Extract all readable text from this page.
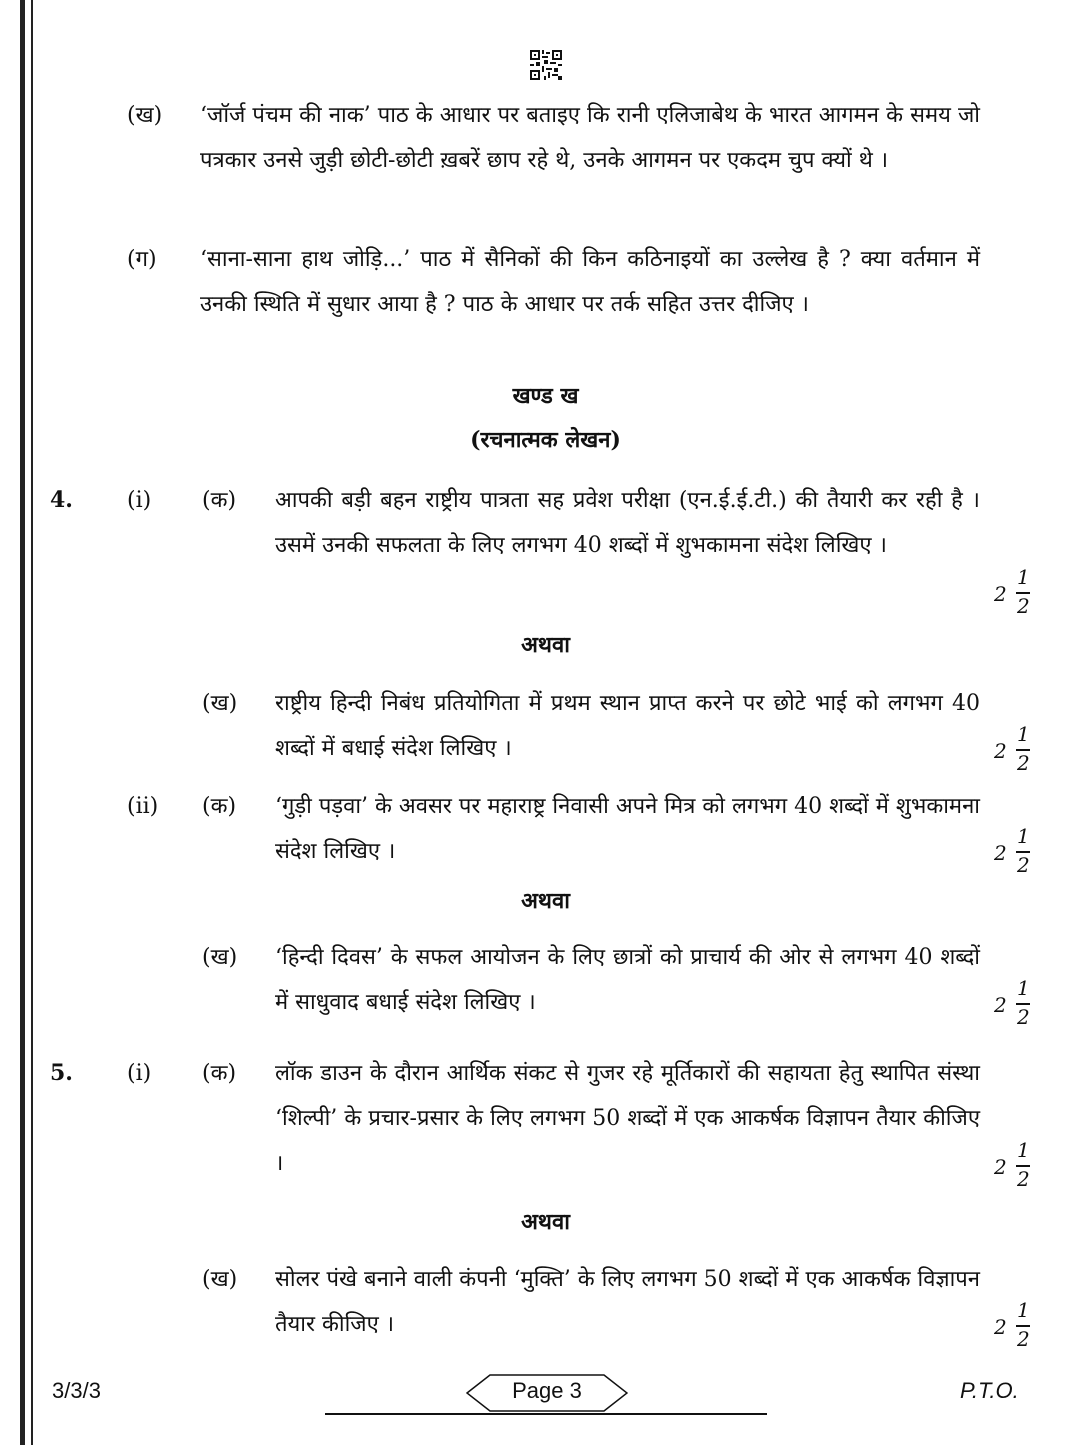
(ख) ‘जॉर्ज पंचम की नाक’ पाठ के आधार पर बताइए कि रानी एलिजाबेथ के भारत आगमन के समय जो पत्रकार उनसे जुड़ी छोटी-छोटी ख़बरें छाप रहे थे, उनके आगमन पर एकदम चुप क्यों थे ।
(ग) ‘साना-साना हाथ जोड़ि...’ पाठ में सैनिकों की किन कठिनाइयों का उल्लेख है ? क्या वर्तमान में उनकी स्थिति में सुधार आया है ? पाठ के आधार पर तर्क सहित उत्तर दीजिए ।
खण्ड ख
(रचनात्मक लेखन)
4. (i) (क) आपकी बड़ी बहन राष्ट्रीय पात्रता सह प्रवेश परीक्षा (एन.ई.ई.टी.) की तैयारी कर रही है । उसमें उनकी सफलता के लिए लगभग 40 शब्दों में शुभकामना संदेश लिखिए ।
2
1
2
अथवा
(ख) राष्ट्रीय हिन्दी निबंध प्रतियोगिता में प्रथम स्थान प्राप्त करने पर छोटे भाई को लगभग 40 शब्दों में बधाई संदेश लिखिए ।	2
1
2
(ii) (क) ‘गुड़ी पड़वा’ के अवसर पर महाराष्ट्र निवासी अपने मित्र को लगभग 40 शब्दों में शुभकामना संदेश लिखिए ।	2
1
2
अथवा
(ख) ‘हिन्दी दिवस’ के सफल आयोजन के लिए छात्रों को प्राचार्य की ओर से लगभग 40 शब्दों में साधुवाद बधाई संदेश लिखिए ।	2
1
2
5. (i) (क) लॉक डाउन के दौरान आर्थिक संकट से गुजर रहे मूर्तिकारों की सहायता हेतु स्थापित संस्था ‘शिल्पी’ के प्रचार-प्रसार के लिए लगभग 50 शब्दों में एक आकर्षक विज्ञापन तैयार कीजिए ।	2
1
2
अथवा
(ख) सोलर पंखे बनाने वाली कंपनी ‘मुक्ति’ के लिए लगभग 50 शब्दों में एक आकर्षक विज्ञापन तैयार कीजिए ।	2
1
2
3/3/3	Page 3	P.T.O.
